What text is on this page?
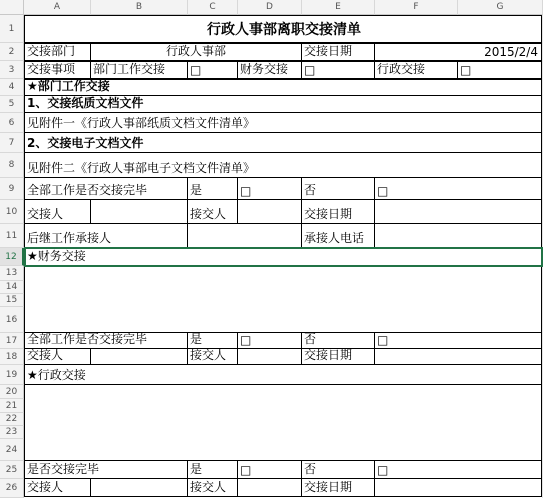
A	B	C	D	E	F	G
1
2
3
4
5
6
7
8
9
10
11
12
13
14
15
16
17
18
19
20
21
22
23
24
25
26
行政人事部离职交接清单
交接部门	行政人事部	交接日期	2015/2/4
交接事项	部门工作交接	□	财务交接	□	行政交接	□
★部门工作交接
1、交接纸质文档文件
见附件一《行政人事部纸质文档文件清单》
2、交接电子文档文件
见附件二《行政人事部电子文档文件清单》
全部工作是否交接完毕	是	□	否	□
交接人	接交人	交接日期
后继工作承接人	承接人电话
★财务交接
全部工作是否交接完毕	是	□	否	□
交接人	接交人	交接日期
★行政交接
是否交接完毕	是	□	否	□
交接人	接交人	交接日期
